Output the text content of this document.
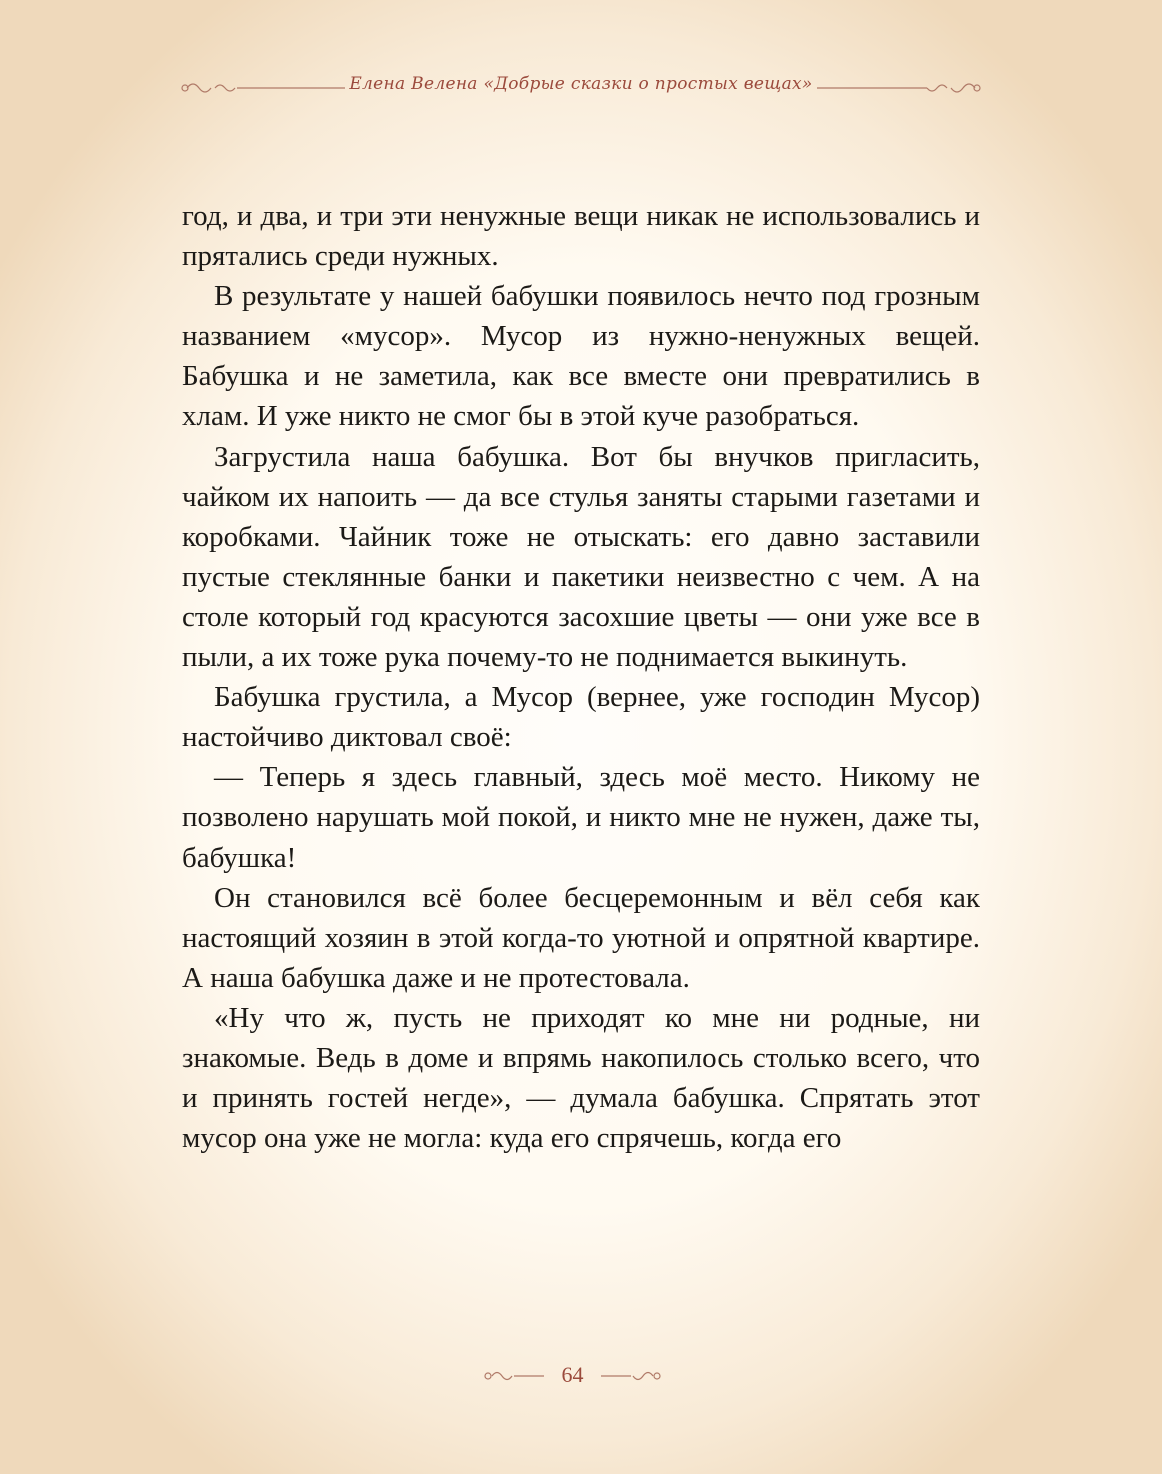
Елена Велена «Добрые сказки о простых вещах»

год, и два, и три эти ненужные вещи никак не использовались и прятались среди нужных.

В результате у нашей бабушки появилось нечто под грозным названием «мусор». Мусор из нужно-ненужных вещей. Бабушка и не заметила, как все вместе они превратились в хлам. И уже никто не смог бы в этой куче разобраться.

Загрустила наша бабушка. Вот бы внучков пригласить, чайком их напоить — да все стулья заняты старыми газетами и коробками. Чайник тоже не отыскать: его давно заставили пустые стеклянные банки и пакетики неизвестно с чем. А на столе который год красуются засохшие цветы — они уже все в пыли, а их тоже рука почему-то не поднимается выкинуть.

Бабушка грустила, а Мусор (вернее, уже господин Мусор) настойчиво диктовал своё:

— Теперь я здесь главный, здесь моё место. Никому не позволено нарушать мой покой, и никто мне не нужен, даже ты, бабушка!

Он становился всё более бесцеремонным и вёл себя как настоящий хозяин в этой когда-то уютной и опрятной квартире. А наша бабушка даже и не протестовала.

«Ну что ж, пусть не приходят ко мне ни родные, ни знакомые. Ведь в доме и впрямь накопилось столько всего, что и принять гостей негде», — думала бабушка. Спрятать этот мусор она уже не могла: куда его спрячешь, когда его

64
